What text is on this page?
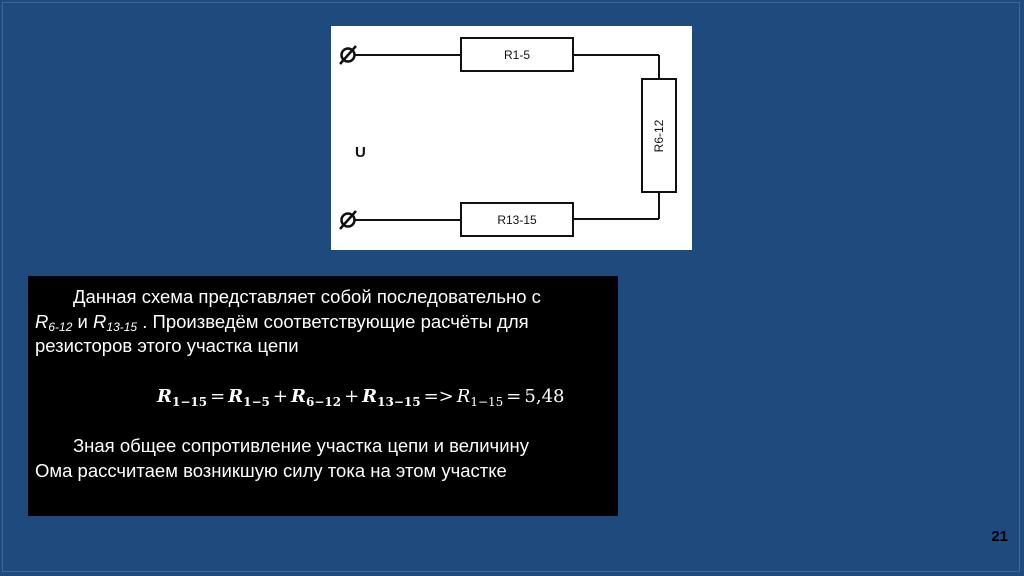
R1-5
R6-12
R13-15
U
Данная схема представляет собой последовательно с
$R_{6-12}$ и $R_{13-15}$ . Произведём соответствующие расчёты для
резисторов этого участка цепи
$R_{1-15} = R_{1-5} + R_{6-12} + R_{13-15} => R_{1-15} = 5,48$
Зная общее сопротивление участка цепи и величину
Ома рассчитаем возникшую силу тока на этом участке
21
